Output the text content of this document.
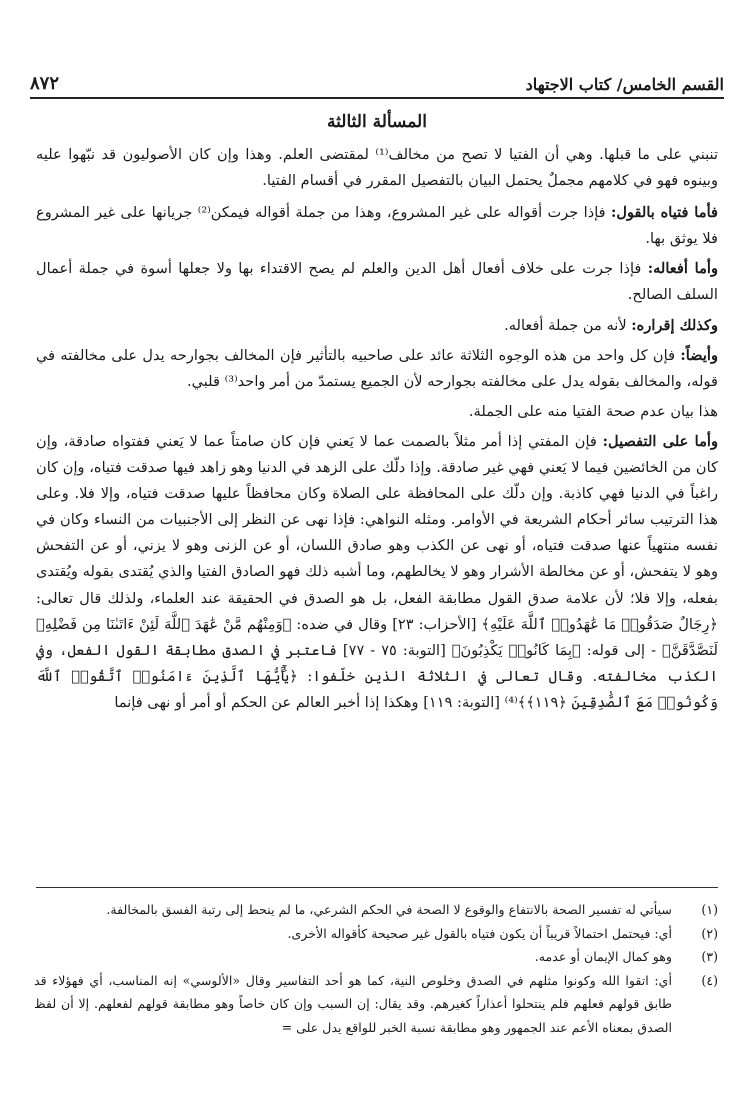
٨٧٢	القسم الخامس/ كتاب الاجتهاد
المسألة الثالثة

تنبني على ما قبلها. وهي أن الفتيا لا تصح من مخالف⁽¹⁾ لمقتضى العلم. وهذا وإن كان الأصوليون قد نبّهوا عليه وبينوه فهو في كلامهم مجملٌ يحتمل البيان بالتفصيل المقرر في أقسام الفتيا.

فأما فتياه بالقول: فإذا جرت أقواله على غير المشروع، وهذا من جملة أقواله فيمكن⁽²⁾ جريانها على غير المشروع فلا يوثق بها.

وأما أفعاله: فإذا جرت على خلاف أفعال أهل الدين والعلم لم يصح الاقتداء بها ولا جعلها أسوة في جملة أعمال السلف الصالح.

وكذلك إقراره: لأنه من جملة أفعاله.

وأيضاً: فإن كل واحد من هذه الوجوه الثلاثة عائد على صاحبيه بالتأثير فإن المخالف بجوارحه يدل على مخالفته في قوله، والمخالف بقوله يدل على مخالفته بجوارحه لأن الجميع يستمدّ من أمر واحد⁽³⁾ قلبي.

هذا بيان عدم صحة الفتيا منه على الجملة.

وأما على التفصيل: فإن المفتي إذا أمر مثلاً بالصمت عما لا يَعني فإن كان صامتاً عما لا يَعني ففتواه صادقة، وإن كان من الخائضين فيما لا يَعني فهي غير صادقة. وإذا دلّك على الزهد في الدنيا وهو زاهد فيها صدقت فتياه، وإن كان راغباً في الدنيا فهي كاذبة. وإن دلّك على المحافظة على الصلاة وكان محافظاً عليها صدقت فتياه، وإلا فلا. وعلى هذا الترتيب سائر أحكام الشريعة في الأوامر. ومثله النواهي: فإذا نهى عن النظر إلى الأجنبيات من النساء وكان في نفسه منتهياً عنها صدقت فتياه، أو نهى عن الكذب وهو صادق اللسان، أو عن الزنى وهو لا يزني، أو عن التفحش وهو لا يتفحش، أو عن مخالطة الأشرار وهو لا يخالطهم، وما أشبه ذلك فهو الصادق الفتيا والذي يُقتدى بقوله ويُقتدى بفعله، وإلا فلا؛ لأن علامة صدق القول مطابقة الفعل، بل هو الصدق في الحقيقة عند العلماء، ولذلك قال تعالى: ﴿رِجَالٌ صَدَقُوا۟ مَا عَٰهَدُوا۟ ٱللَّهَ عَلَيْهِ﴾ [الأحزاب: ٢٣] وقال في ضده: ﴿وَمِنْهُم مَّنْ عَٰهَدَ ٱللَّهَ لَئِنْ ءَاتَىٰنَا مِن فَضْلِهِۦ لَنَصَّدَّقَنَّ﴾ - إلى قوله: ﴿بِمَا كَانُوا۟ يَكْذِبُونَ﴾ [التوبة: ٧٥ - ٧٧] فاعتبر في الصدق مطابقة القول الفعل، وفي الكذب مخالفته. وقال تعالى في الثلاثة الذين خلّفوا: ﴿يَٰٓأَيُّهَا ٱلَّذِينَ ءَامَنُوا۟ ٱتَّقُوا۟ ٱللَّهَ وَكُونُوا۟ مَعَ ٱلصَّٰدِقِينَ ﴿١١٩﴾﴾⁽⁴⁾ [التوبة: ١١٩] وهكذا إذا أخبر العالم عن الحكم أو أمر أو نهى فإنما

(١)
سيأتي له تفسير الصحة بالانتفاع والوقوع لا الصحة في الحكم الشرعي، ما لم ينحط إلى رتبة الفسق بالمخالفة.
(٢)
أي: فيحتمل احتمالاً قريباً أن يكون فتياه بالقول غير صحيحة كأقواله الأخرى.
(٣)
وهو كمال الإيمان أو عدمه.
(٤)
أي: اتقوا الله وكونوا مثلهم في الصدق وخلوص النية، كما هو أحد التفاسير وقال «الألوسي» إنه المناسب، أي فهؤلاء قد طابق قولهم فعلهم فلم ينتحلوا أعذاراً كغيرهم. وقد يقال: إن السبب وإن كان خاصاً وهو مطابقة قولهم لفعلهم. إلا أن لفظ الصدق بمعناه الأعم عند الجمهور وهو مطابقة نسبة الخبر للواقع يدل على =
